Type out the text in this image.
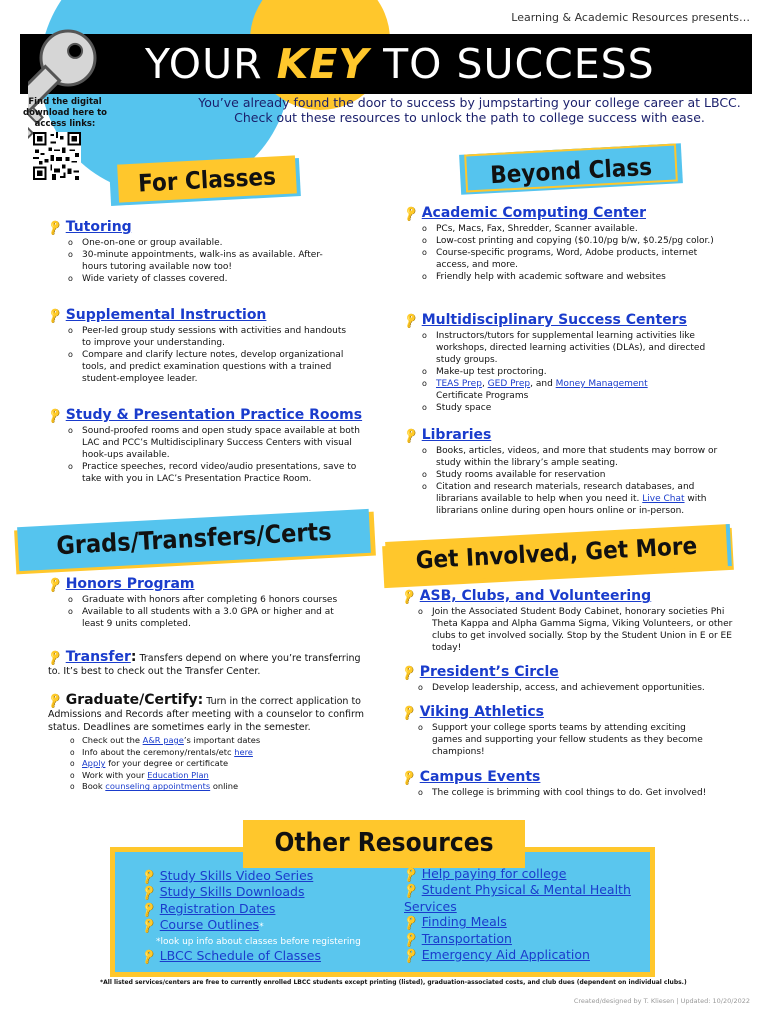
Learning & Academic Resources presents…
YOUR KEY TO SUCCESS
You’ve already found the door to success by jumpstarting your college career at LBCC.
Check out these resources to unlock the path to college success with ease.
Find the digital download here to access links:
For Classes	Beyond Class
🔑 Tutoring
o One-on-one or group available.
o 30-minute appointments, walk-ins as available. After-hours tutoring available now too!
o Wide variety of classes covered.
🔑 Supplemental Instruction
o Peer-led group study sessions with activities and handouts to improve your understanding.
o Compare and clarify lecture notes, develop organizational tools, and predict examination questions with a trained student-employee leader.
🔑 Study & Presentation Practice Rooms
o Sound-proofed rooms and open study space available at both LAC and PCC’s Multidisciplinary Success Centers with visual hook-ups available.
o Practice speeches, record video/audio presentations, save to take with you in LAC’s Presentation Practice Room.
🔑 Academic Computing Center
o PCs, Macs, Fax, Shredder, Scanner available.
o Low-cost printing and copying ($0.10/pg b/w, $0.25/pg color.)
o Course-specific programs, Word, Adobe products, internet access, and more.
o Friendly help with academic software and websites
🔑 Multidisciplinary Success Centers
o Instructors/tutors for supplemental learning activities like workshops, directed learning activities (DLAs), and directed study groups.
o Make-up test proctoring.
o TEAS Prep, GED Prep, and Money Management
Certificate Programs
o Study space
🔑 Libraries
o Books, articles, videos, and more that students may borrow or study within the library’s ample seating.
o Study rooms available for reservation
o Citation and research materials, research databases, and librarians available to help when you need it. Live Chat with librarians online during open hours online or in-person.
Grads/Transfers/Certs	Get Involved, Get More
🔑 Honors Program
o Graduate with honors after completing 6 honors courses
o Available to all students with a 3.0 GPA or higher and at least 9 units completed.
🔑 Transfer: Transfers depend on where you’re transferring to. It’s best to check out the Transfer Center.
🔑 Graduate/Certify: Turn in the correct application to Admissions and Records after meeting with a counselor to confirm status. Deadlines are sometimes early in the semester.
o Check out the A&R page’s important dates
o Info about the ceremony/rentals/etc here
o Apply for your degree or certificate
o Work with your Education Plan
o Book counseling appointments online
🔑 ASB, Clubs, and Volunteering
o Join the Associated Student Body Cabinet, honorary societies Phi Theta Kappa and Alpha Gamma Sigma, Viking Volunteers, or other clubs to get involved socially. Stop by the Student Union in E or EE today!
🔑 President’s Circle
o Develop leadership, access, and achievement opportunities.
🔑 Viking Athletics
o Support your college sports teams by attending exciting games and supporting your fellow students as they become champions!
🔑 Campus Events
o The college is brimming with cool things to do. Get involved!
Other Resources
🔑 Study Skills Video Series
🔑 Study Skills Downloads
🔑 Registration Dates
🔑 Course Outlines*
*look up info about classes before registering
🔑 LBCC Schedule of Classes
🔑 Help paying for college
🔑 Student Physical & Mental Health Services
🔑 Finding Meals
🔑 Transportation
🔑 Emergency Aid Application
*All listed services/centers are free to currently enrolled LBCC students except printing (listed), graduation-associated costs, and club dues (dependent on individual clubs.)
Created/designed by T. Kliesen | Updated: 10/20/2022
